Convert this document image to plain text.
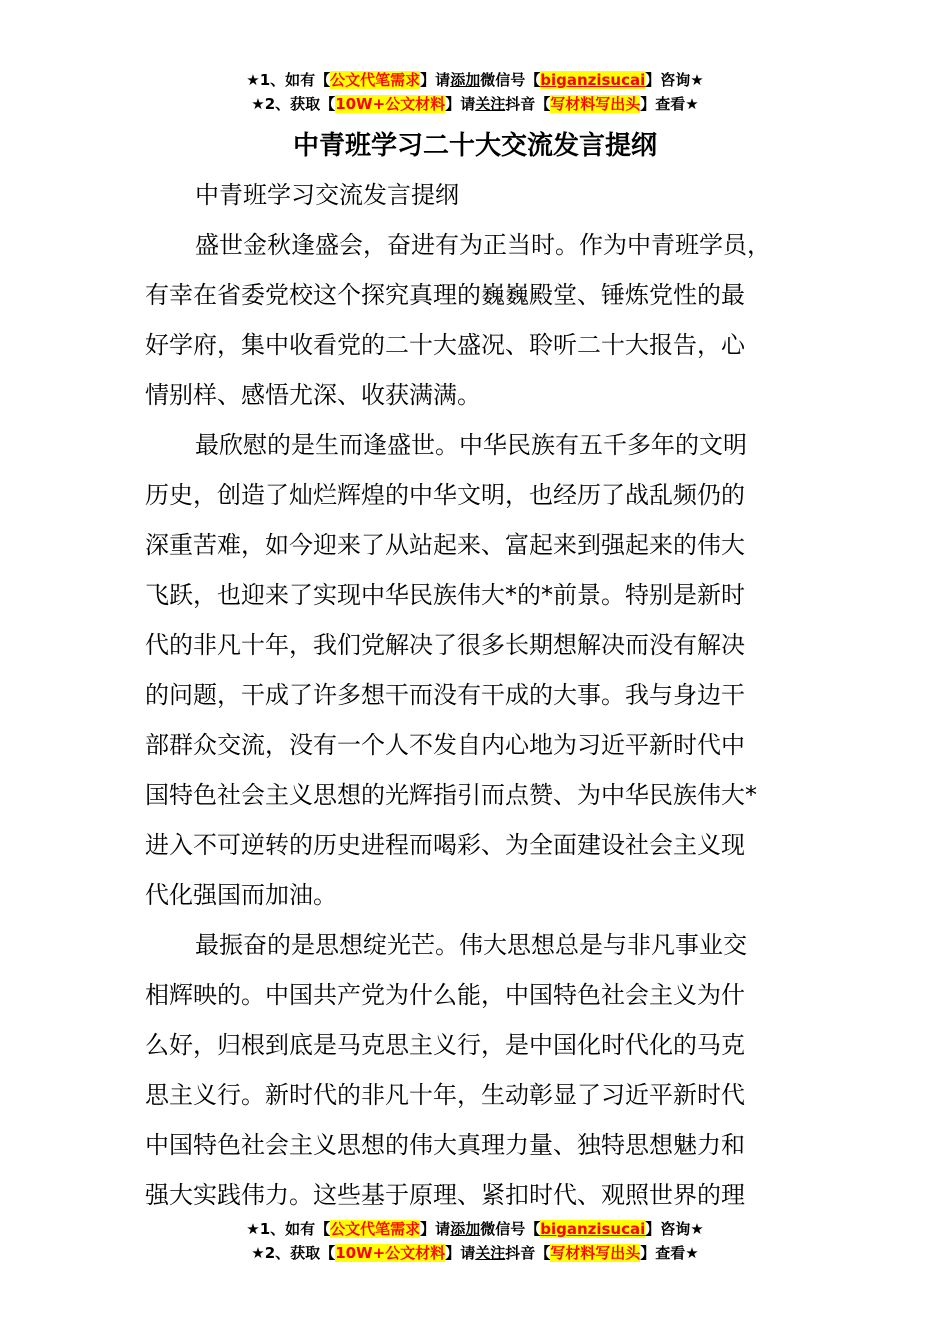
★1、如有【公文代笔需求】请添加微信号【biganzisucai】咨询★
★2、获取【10W+公文材料】请关注抖音【写材料写出头】查看★
中青班学习二十大交流发言提纲

中青班学习交流发言提纲

盛世金秋逢盛会，奋进有为正当时。作为中青班学员，
有幸在省委党校这个探究真理的巍巍殿堂、锤炼党性的最
好学府，集中收看党的二十大盛况、聆听二十大报告，心
情别样、感悟尤深、收获满满。

最欣慰的是生而逢盛世。中华民族有五千多年的文明
历史，创造了灿烂辉煌的中华文明，也经历了战乱频仍的
深重苦难，如今迎来了从站起来、富起来到强起来的伟大
飞跃，也迎来了实现中华民族伟大*的*前景。特别是新时
代的非凡十年，我们党解决了很多长期想解决而没有解决
的问题，干成了许多想干而没有干成的大事。我与身边干
部群众交流，没有一个人不发自内心地为习近平新时代中
国特色社会主义思想的光辉指引而点赞、为中华民族伟大*
进入不可逆转的历史进程而喝彩、为全面建设社会主义现
代化强国而加油。

最振奋的是思想绽光芒。伟大思想总是与非凡事业交
相辉映的。中国共产党为什么能，中国特色社会主义为什
么好，归根到底是马克思主义行，是中国化时代化的马克
思主义行。新时代的非凡十年，生动彰显了习近平新时代
中国特色社会主义思想的伟大真理力量、独特思想魅力和
强大实践伟力。这些基于原理、紧扣时代、观照世界的理

★1、如有【公文代笔需求】请添加微信号【biganzisucai】咨询★
★2、获取【10W+公文材料】请关注抖音【写材料写出头】查看★
